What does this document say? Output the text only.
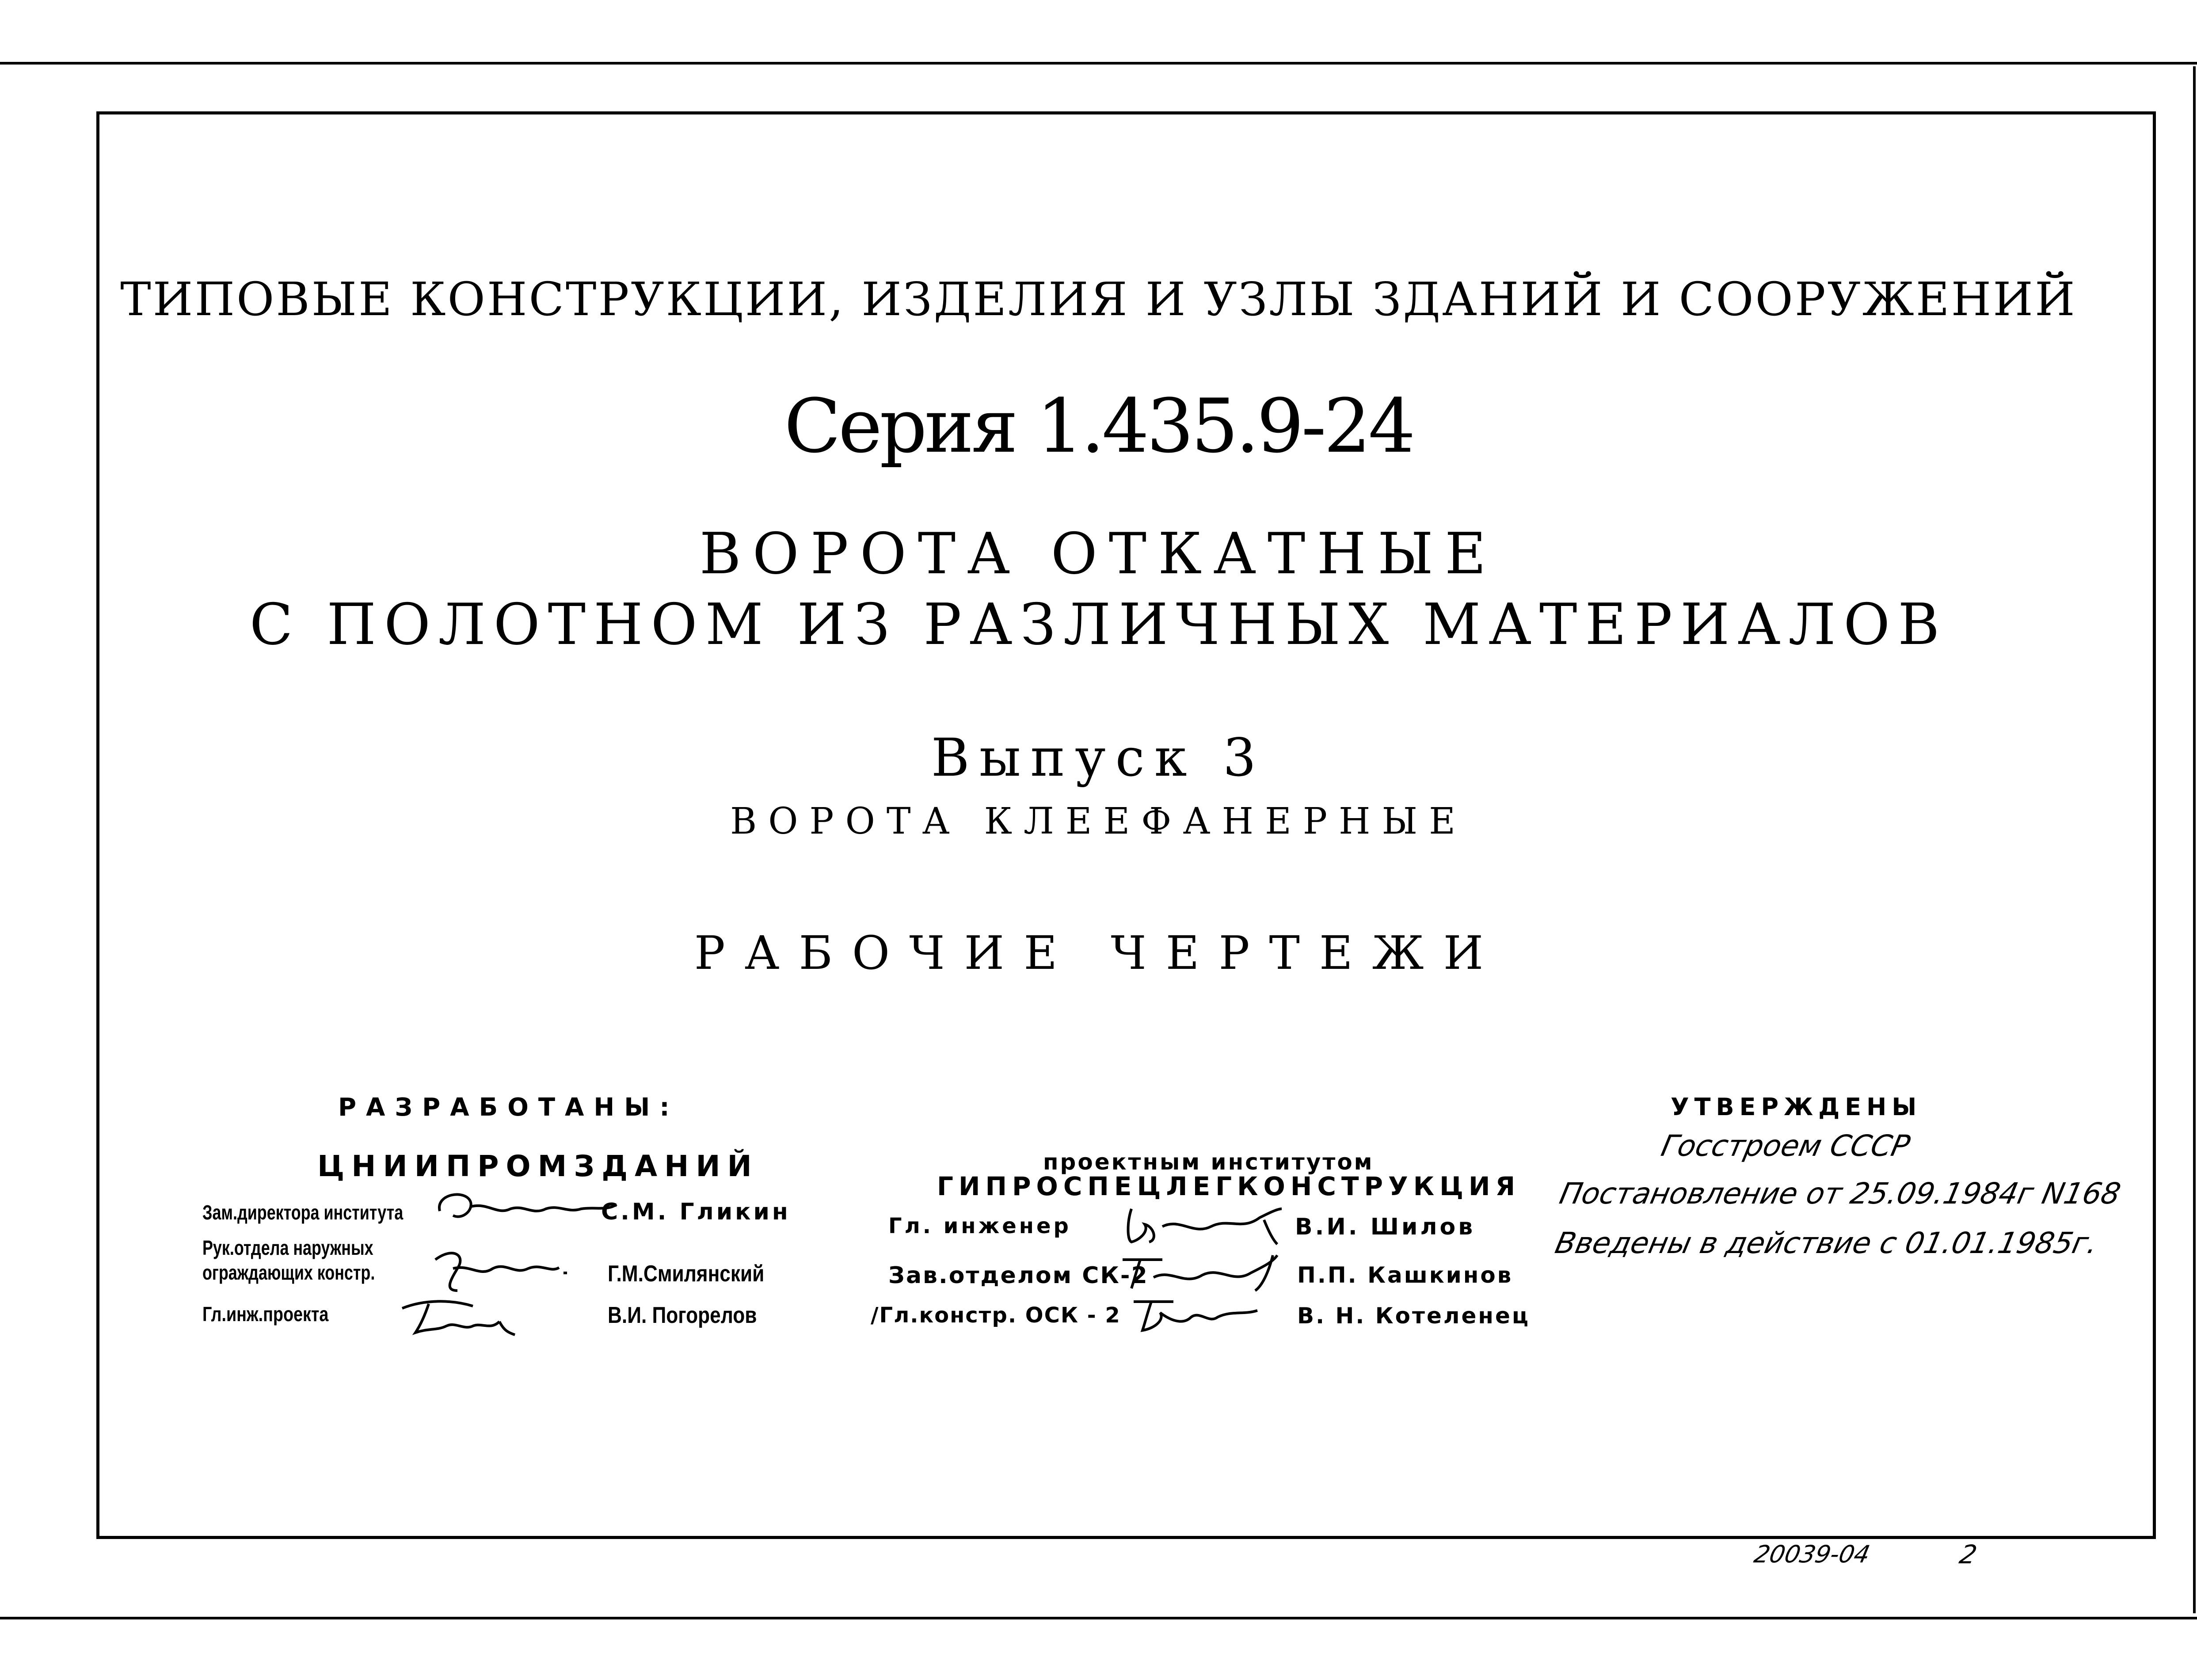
ТИПОВЫЕ КОНСТРУКЦИИ, ИЗДЕЛИЯ И УЗЛЫ ЗДАНИЙ И СООРУЖЕНИЙ
Серия 1.435.9-24
ВОРОТА ОТКАТНЫЕ
С ПОЛОТНОМ ИЗ РАЗЛИЧНЫХ МАТЕРИАЛОВ
Выпуск 3
ВОРОТА КЛЕЕФАНЕРНЫЕ
РАБОЧИЕ ЧЕРТЕЖИ
РАЗРАБОТАНЫ:
ЦНИИПРОМЗДАНИЙ
Зам.директора института	С.М. Гликин
Рук.отдела наружных
ограждающих констр.	Г.М.Смилянский
Гл.инж.проекта	В.И. Погорелов
проектным институтом
ГИПРОСПЕЦЛЕГКОНСТРУКЦИЯ
Гл. инженер	В.И. Шилов
Зав.отделом СК-2	П.П. Кашкинов
/Гл.констр. ОСК - 2	В. Н. Котеленец
УТВЕРЖДЕНЫ
Госстроем СССР
Постановление от 25.09.1984г N168
Введены в действие с 01.01.1985г.
20039-04	2
